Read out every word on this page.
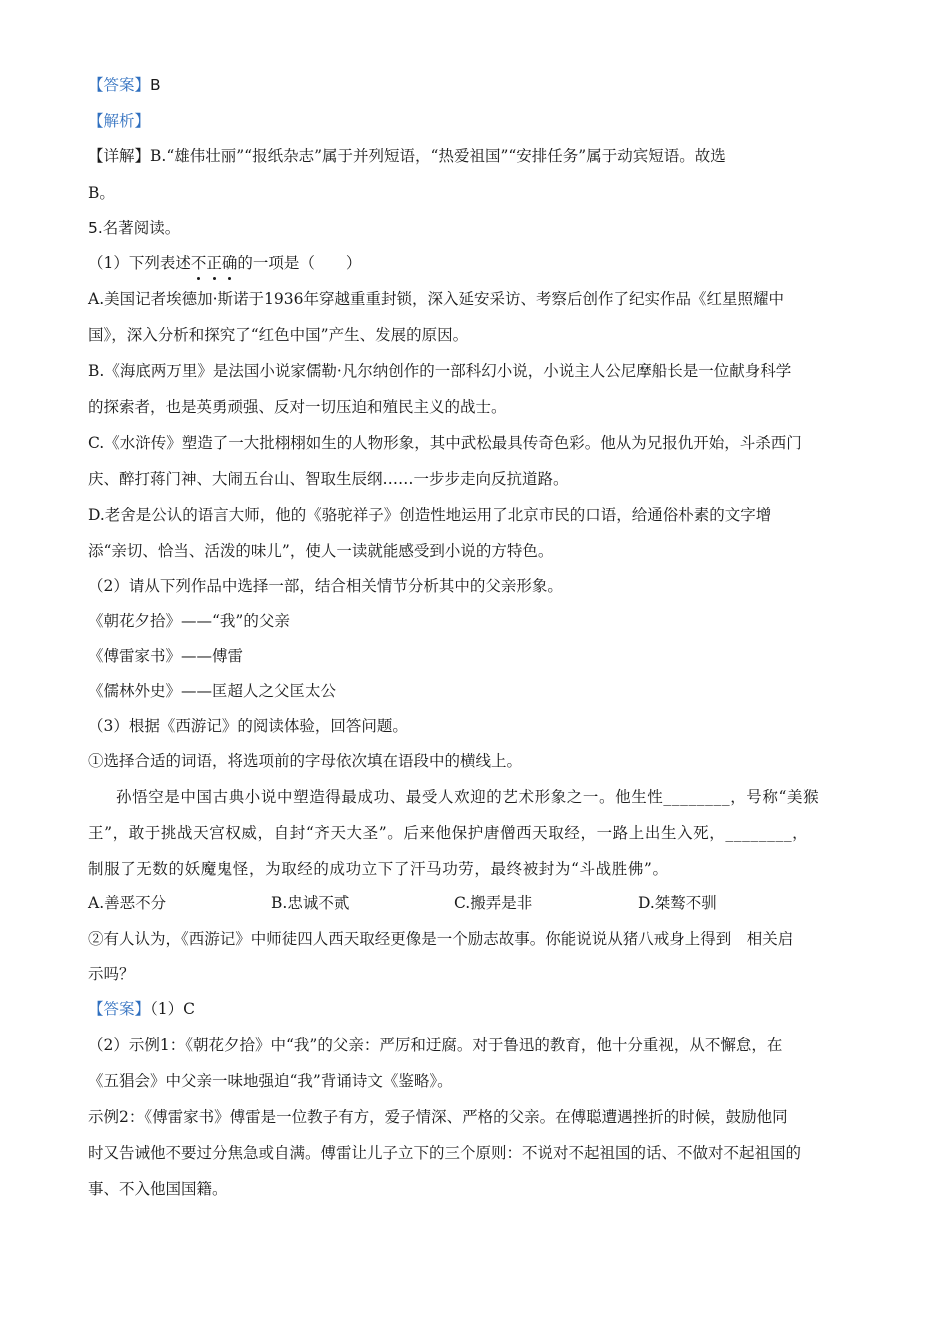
【答案】B
【解析】
【详解】B.“雄伟壮丽”“报纸杂志”属于并列短语，“热爱祖国”“安排任务”属于动宾短语。故选
B。
5.名著阅读。
（1）下列表述不正确的一项是（　　）
A.美国记者埃德加·斯诺于1936年穿越重重封锁，深入延安采访、考察后创作了纪实作品《红星照耀中
国》，深入分析和探究了“红色中国”产生、发展的原因。
B.《海底两万里》是法国小说家儒勒·凡尔纳创作的一部科幻小说，小说主人公尼摩船长是一位献身科学
的探索者，也是英勇顽强、反对一切压迫和殖民主义的战士。
C.《水浒传》塑造了一大批栩栩如生的人物形象，其中武松最具传奇色彩。他从为兄报仇开始，斗杀西门
庆、醉打蒋门神、大闹五台山、智取生辰纲……一步步走向反抗道路。
D.老舍是公认的语言大师，他的《骆驼祥子》创造性地运用了北京市民的口语，给通俗朴素的文字增
添“亲切、恰当、活泼的味儿”，使人一读就能感受到小说的方特色。
（2）请从下列作品中选择一部，结合相关情节分析其中的父亲形象。
《朝花夕拾》——“我”的父亲
《傅雷家书》——傅雷
《儒林外史》——匡超人之父匡太公
（3）根据《西游记》的阅读体验，回答问题。
①选择合适的词语，将选项前的字母依次填在语段中的横线上。
孙悟空是中国古典小说中塑造得最成功、最受人欢迎的艺术形象之一。他生性________，号称“美猴
王”，敢于挑战天宫权威，自封“齐天大圣”。后来他保护唐僧西天取经，一路上出生入死，________，
制服了无数的妖魔鬼怪，为取经的成功立下了汗马功劳，最终被封为“斗战胜佛”。
A.善恶不分	B.忠诚不贰	C.搬弄是非	D.桀骜不驯
②有人认为，《西游记》中师徒四人西天取经更像是一个励志故事。你能说说从猪八戒身上得到　相关启
示吗？
【答案】（1）C
（2）示例1：《朝花夕拾》中“我”的父亲：严厉和迂腐。对于鲁迅的教育，他十分重视，从不懈怠，在
《五猖会》中父亲一味地强迫“我”背诵诗文《鉴略》。
示例2：《傅雷家书》傅雷是一位教子有方，爱子情深、严格的父亲。在傅聪遭遇挫折的时候，鼓励他同
时又告诫他不要过分焦急或自满。傅雷让儿子立下的三个原则：不说对不起祖国的话、不做对不起祖国的
事、不入他国国籍。
